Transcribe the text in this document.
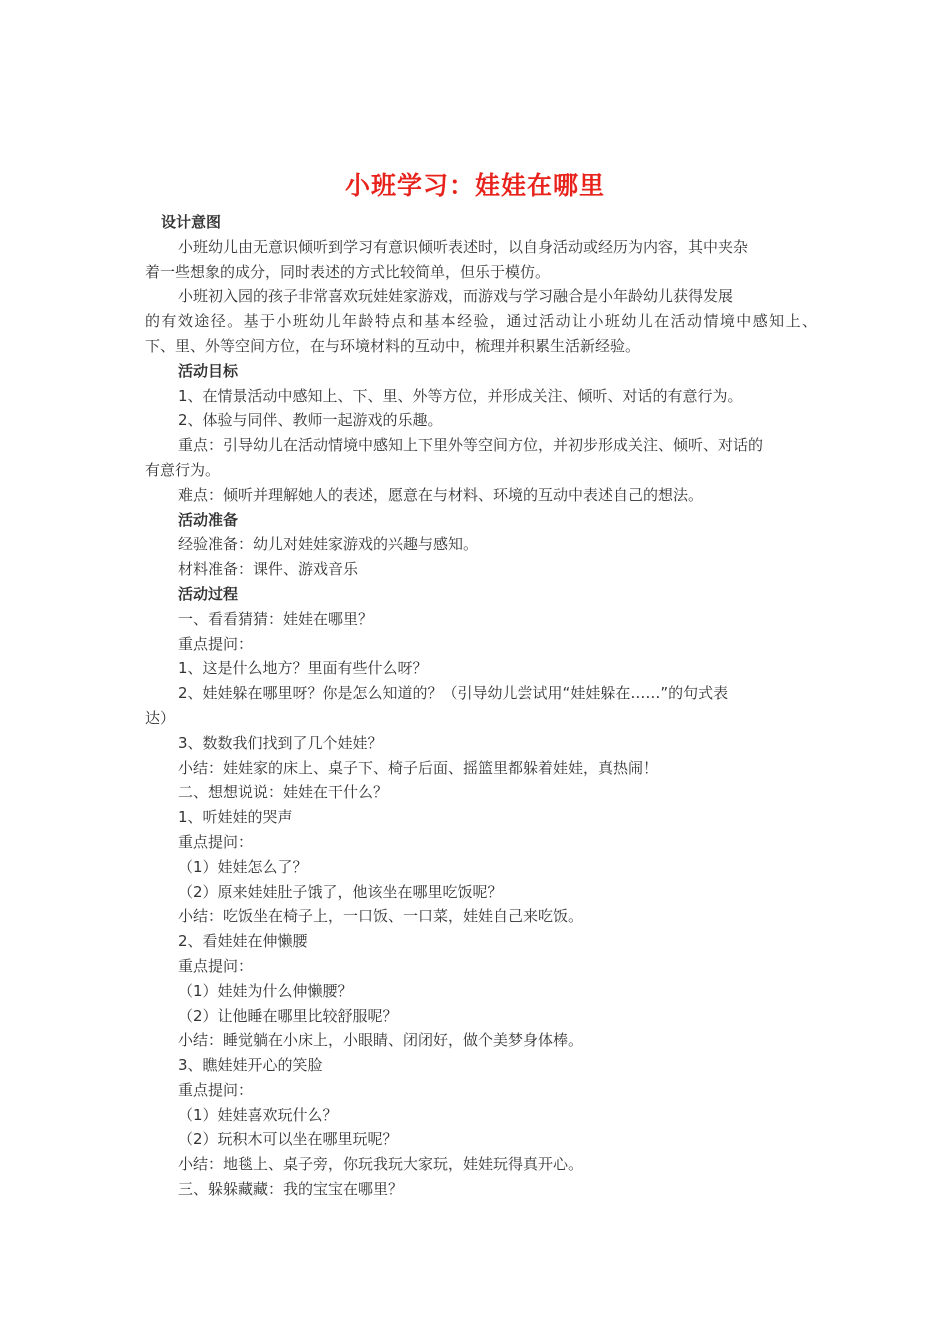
小班学习：娃娃在哪里

设计意图

小班幼儿由无意识倾听到学习有意识倾听表述时，以自身活动或经历为内容，其中夹杂

着一些想象的成分，同时表述的方式比较简单，但乐于模仿。

小班初入园的孩子非常喜欢玩娃娃家游戏，而游戏与学习融合是小年龄幼儿获得发展

的有效途径。基于小班幼儿年龄特点和基本经验，通过活动让小班幼儿在活动情境中感知上、

下、里、外等空间方位，在与环境材料的互动中，梳理并积累生活新经验。

活动目标

1、在情景活动中感知上、下、里、外等方位，并形成关注、倾听、对话的有意行为。

2、体验与同伴、教师一起游戏的乐趣。

重点：引导幼儿在活动情境中感知上下里外等空间方位，并初步形成关注、倾听、对话的

有意行为。

难点：倾听并理解她人的表述，愿意在与材料、环境的互动中表述自己的想法。

活动准备

经验准备：幼儿对娃娃家游戏的兴趣与感知。

材料准备：课件、游戏音乐

活动过程

一、看看猜猜：娃娃在哪里？

重点提问：

1、这是什么地方？里面有些什么呀？

2、娃娃躲在哪里呀？你是怎么知道的？（引导幼儿尝试用“娃娃躲在……”的句式表

达）

3、数数我们找到了几个娃娃？

小结：娃娃家的床上、桌子下、椅子后面、摇篮里都躲着娃娃，真热闹！

二、想想说说：娃娃在干什么？

1、听娃娃的哭声

重点提问：

（1）娃娃怎么了？

（2）原来娃娃肚子饿了，他该坐在哪里吃饭呢？

小结：吃饭坐在椅子上，一口饭、一口菜，娃娃自己来吃饭。

2、看娃娃在伸懒腰

重点提问：

（1）娃娃为什么伸懒腰？

（2）让他睡在哪里比较舒服呢？

小结：睡觉躺在小床上，小眼睛、闭闭好，做个美梦身体棒。

3、瞧娃娃开心的笑脸

重点提问：

（1）娃娃喜欢玩什么？

（2）玩积木可以坐在哪里玩呢？

小结：地毯上、桌子旁，你玩我玩大家玩，娃娃玩得真开心。

三、躲躲藏藏：我的宝宝在哪里？
